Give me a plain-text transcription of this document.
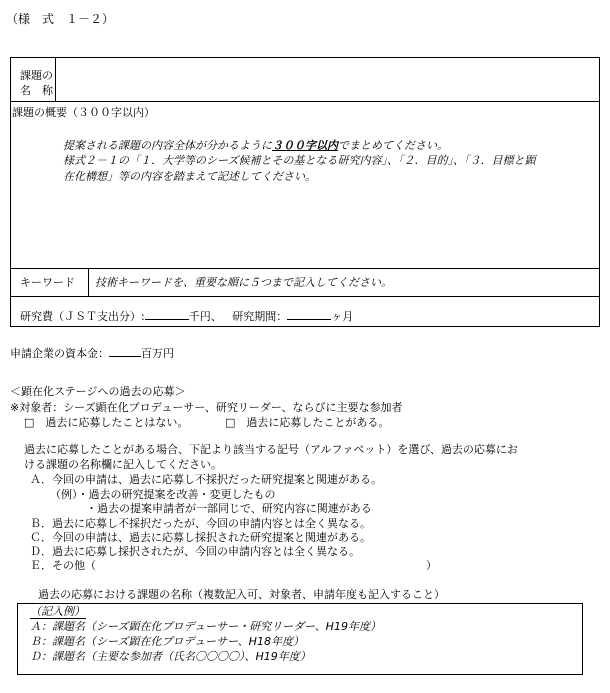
（様　式　１－２）
課題の
名　称
課題の概要（３００字以内）
提案される課題の内容全体が分かるように３００字以内でまとめてください。
様式２－１の「１．大学等のシーズ候補とその基となる研究内容」、「２．目的」、「３．目標と顕
在化構想」等の内容を踏まえて記述してください。
キーワード 技術キーワードを、重要な順に５つまで記入してください。
研究費（ＪＳＴ支出分）:	千円、 研究期間：	ヶ月
申請企業の資本金：	百万円
＜顕在化ステージへの過去の応募＞
※対象者：シーズ顕在化プロデューサー、研究リーダー、ならびに主要な参加者
□　過去に応募したことはない。	□　過去に応募したことがある。
過去に応募したことがある場合、下記より該当する記号（アルファベット）を選び、過去の応募にお
ける課題の名称欄に記入してください。
Ａ．今回の申請は、過去に応募し不採択だった研究提案と関連がある。
（例）・過去の研究提案を改善・変更したもの
・過去の提案申請者が一部同じで、研究内容に関連がある
Ｂ．過去に応募し不採択だったが、今回の申請内容とは全く異なる。
Ｃ．今回の申請は、過去に応募し採択された研究提案と関連がある。
Ｄ．過去に応募し採択されたが、今回の申請内容とは全く異なる。
Ｅ．その他（	）
過去の応募における課題の名称（複数記入可、対象者、申請年度も記入すること）
（記入例）
Ａ：課題名（シーズ顕在化プロデューサー・研究リーダー、H19年度）
Ｂ：課題名（シーズ顕在化プロデューサー、H18年度）
Ｄ：課題名（主要な参加者（氏名〇〇〇〇）、H19年度）
